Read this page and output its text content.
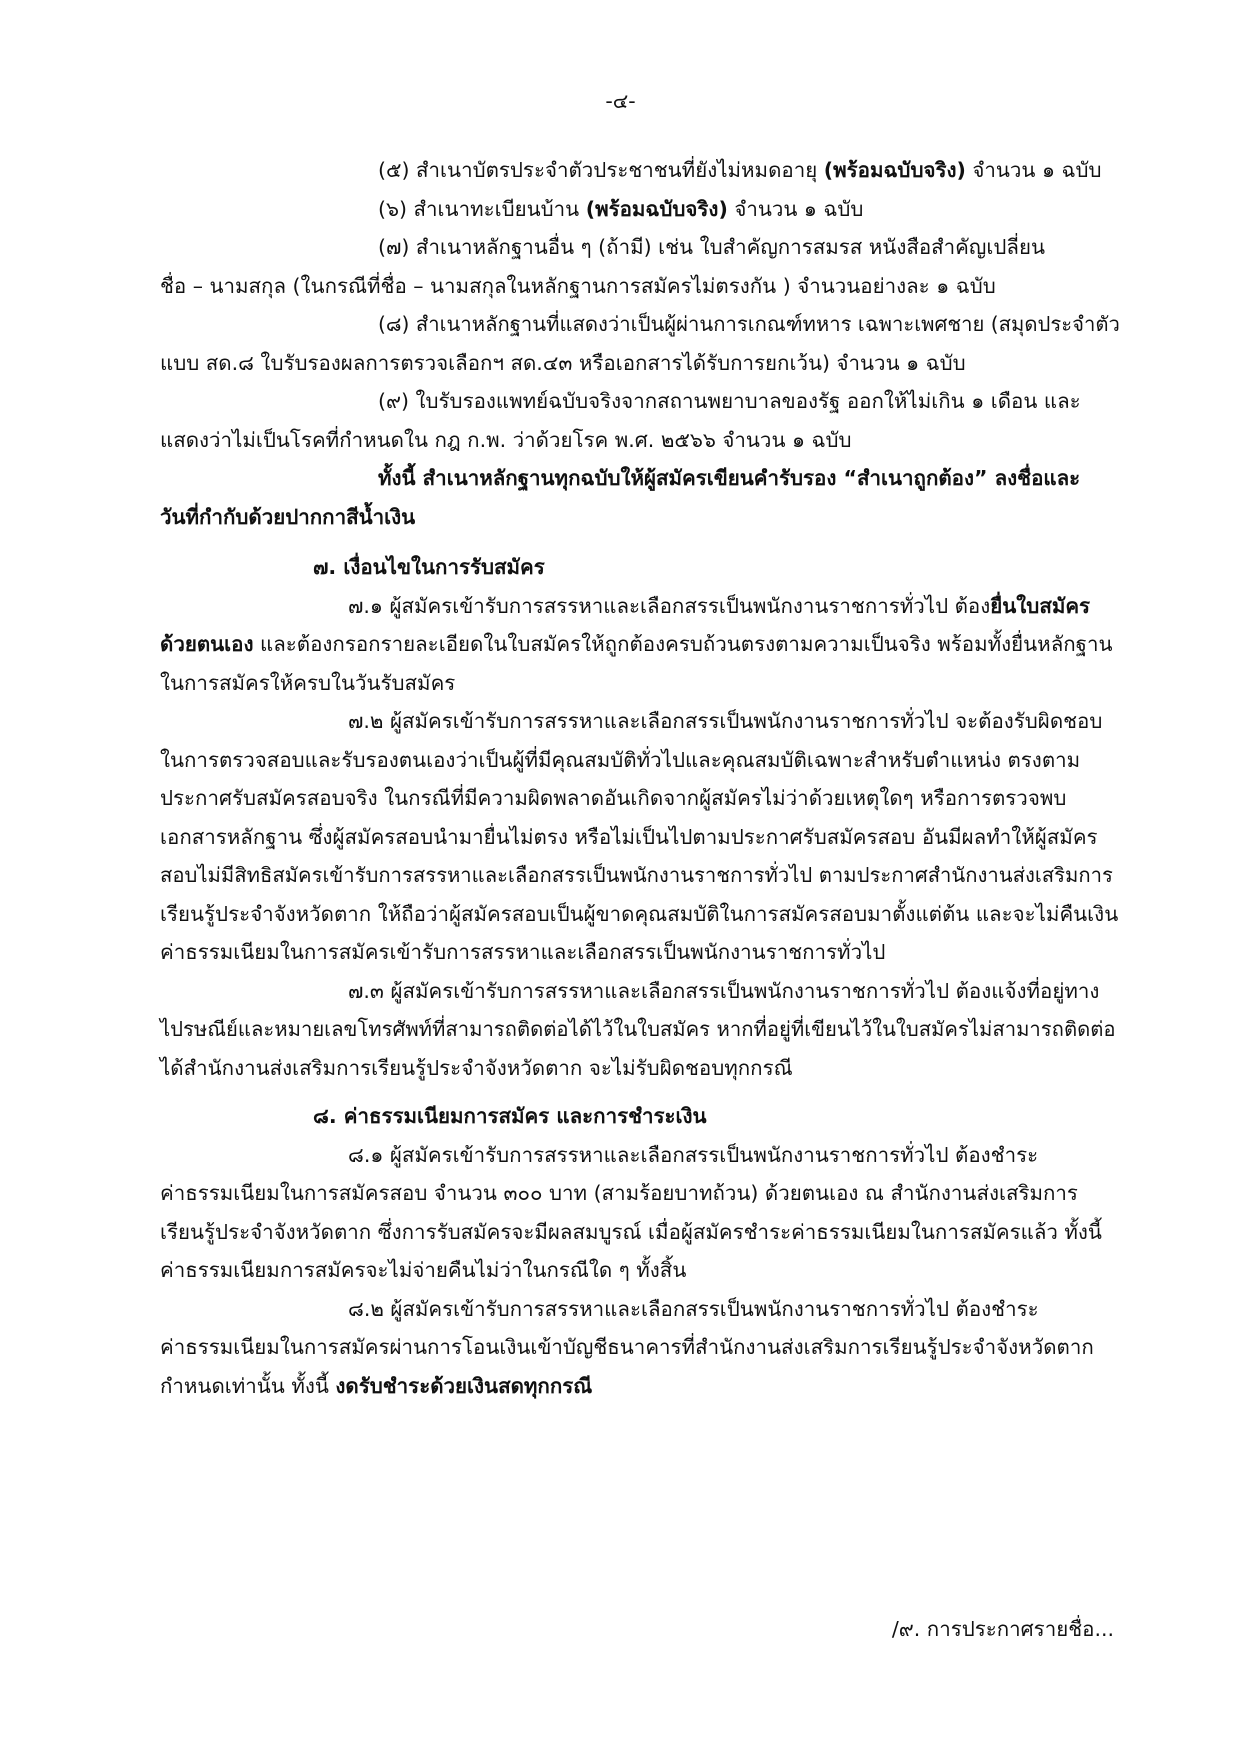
-๔-
(๕) สำเนาบัตรประจำตัวประชาชนที่ยังไม่หมดอายุ (พร้อมฉบับจริง) จำนวน ๑ ฉบับ
(๖) สำเนาทะเบียนบ้าน (พร้อมฉบับจริง) จำนวน ๑ ฉบับ
(๗) สำเนาหลักฐานอื่น ๆ (ถ้ามี) เช่น ใบสำคัญการสมรส หนังสือสำคัญเปลี่ยน
ชื่อ – นามสกุล (ในกรณีที่ชื่อ – นามสกุลในหลักฐานการสมัครไม่ตรงกัน ) จำนวนอย่างละ ๑ ฉบับ
(๘) สำเนาหลักฐานที่แสดงว่าเป็นผู้ผ่านการเกณฑ์ทหาร เฉพาะเพศชาย (สมุดประจำตัว
แบบ สด.๘ ใบรับรองผลการตรวจเลือกฯ สด.๔๓ หรือเอกสารได้รับการยกเว้น) จำนวน ๑ ฉบับ
(๙) ใบรับรองแพทย์ฉบับจริงจากสถานพยาบาลของรัฐ ออกให้ไม่เกิน ๑ เดือน และ
แสดงว่าไม่เป็นโรคที่กำหนดใน กฎ ก.พ. ว่าด้วยโรค พ.ศ. ๒๕๖๖ จำนวน ๑ ฉบับ
ทั้งนี้ สำเนาหลักฐานทุกฉบับให้ผู้สมัครเขียนคำรับรอง “สำเนาถูกต้อง” ลงชื่อและ
วันที่กำกับด้วยปากกาสีน้ำเงิน
๗. เงื่อนไขในการรับสมัคร
๗.๑ ผู้สมัครเข้ารับการสรรหาและเลือกสรรเป็นพนักงานราชการทั่วไป ต้องยื่นใบสมัคร
ด้วยตนเอง และต้องกรอกรายละเอียดในใบสมัครให้ถูกต้องครบถ้วนตรงตามความเป็นจริง พร้อมทั้งยื่นหลักฐาน
ในการสมัครให้ครบในวันรับสมัคร
๗.๒ ผู้สมัครเข้ารับการสรรหาและเลือกสรรเป็นพนักงานราชการทั่วไป จะต้องรับผิดชอบ
ในการตรวจสอบและรับรองตนเองว่าเป็นผู้ที่มีคุณสมบัติทั่วไปและคุณสมบัติเฉพาะสำหรับตำแหน่ง ตรงตาม
ประกาศรับสมัครสอบจริง ในกรณีที่มีความผิดพลาดอันเกิดจากผู้สมัครไม่ว่าด้วยเหตุใดๆ หรือการตรวจพบ
เอกสารหลักฐาน ซึ่งผู้สมัครสอบนำมายื่นไม่ตรง หรือไม่เป็นไปตามประกาศรับสมัครสอบ อันมีผลทำให้ผู้สมัคร
สอบไม่มีสิทธิสมัครเข้ารับการสรรหาและเลือกสรรเป็นพนักงานราชการทั่วไป ตามประกาศสำนักงานส่งเสริมการ
เรียนรู้ประจำจังหวัดตาก ให้ถือว่าผู้สมัครสอบเป็นผู้ขาดคุณสมบัติในการสมัครสอบมาตั้งแต่ต้น และจะไม่คืนเงิน
ค่าธรรมเนียมในการสมัครเข้ารับการสรรหาและเลือกสรรเป็นพนักงานราชการทั่วไป
๗.๓ ผู้สมัครเข้ารับการสรรหาและเลือกสรรเป็นพนักงานราชการทั่วไป ต้องแจ้งที่อยู่ทาง
ไปรษณีย์และหมายเลขโทรศัพท์ที่สามารถติดต่อได้ไว้ในใบสมัคร หากที่อยู่ที่เขียนไว้ในใบสมัครไม่สามารถติดต่อ
ได้สำนักงานส่งเสริมการเรียนรู้ประจำจังหวัดตาก จะไม่รับผิดชอบทุกกรณี
๘. ค่าธรรมเนียมการสมัคร และการชำระเงิน
๘.๑ ผู้สมัครเข้ารับการสรรหาและเลือกสรรเป็นพนักงานราชการทั่วไป ต้องชำระ
ค่าธรรมเนียมในการสมัครสอบ จำนวน ๓๐๐ บาท (สามร้อยบาทถ้วน) ด้วยตนเอง ณ สำนักงานส่งเสริมการ
เรียนรู้ประจำจังหวัดตาก ซึ่งการรับสมัครจะมีผลสมบูรณ์ เมื่อผู้สมัครชำระค่าธรรมเนียมในการสมัครแล้ว ทั้งนี้
ค่าธรรมเนียมการสมัครจะไม่จ่ายคืนไม่ว่าในกรณีใด ๆ ทั้งสิ้น
๘.๒ ผู้สมัครเข้ารับการสรรหาและเลือกสรรเป็นพนักงานราชการทั่วไป ต้องชำระ
ค่าธรรมเนียมในการสมัครผ่านการโอนเงินเข้าบัญชีธนาคารที่สำนักงานส่งเสริมการเรียนรู้ประจำจังหวัดตาก
กำหนดเท่านั้น ทั้งนี้ งดรับชำระด้วยเงินสดทุกกรณี
/๙. การประกาศรายชื่อ...
